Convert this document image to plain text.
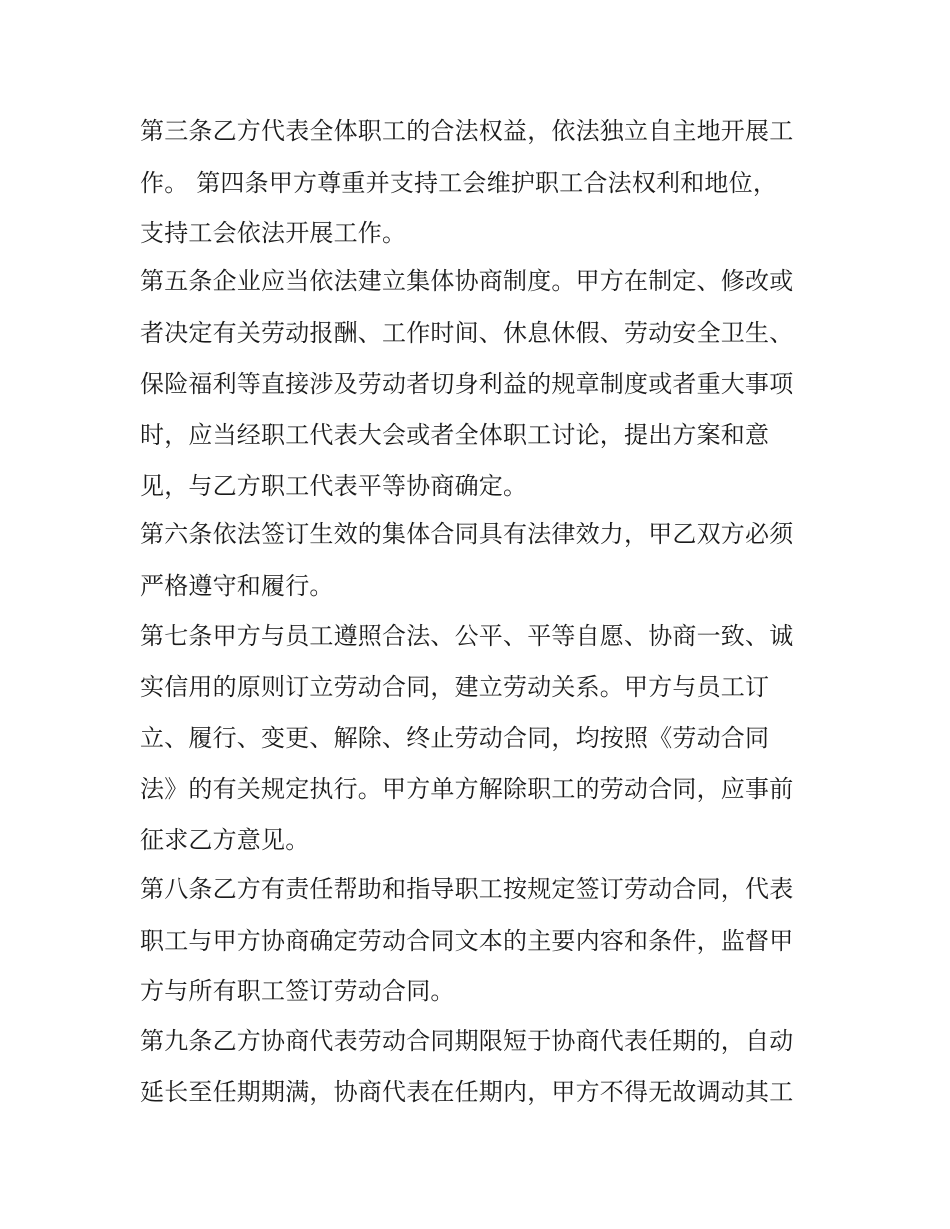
第三条乙方代表全体职工的合法权益，依法独立自主地开展工
作。 第四条甲方尊重并支持工会维护职工合法权利和地位，
支持工会依法开展工作。
第五条企业应当依法建立集体协商制度。甲方在制定、修改或
者决定有关劳动报酬、工作时间、休息休假、劳动安全卫生、
保险福利等直接涉及劳动者切身利益的规章制度或者重大事项
时，应当经职工代表大会或者全体职工讨论，提出方案和意
见，与乙方职工代表平等协商确定。
第六条依法签订生效的集体合同具有法律效力，甲乙双方必须
严格遵守和履行。
第七条甲方与员工遵照合法、公平、平等自愿、协商一致、诚
实信用的原则订立劳动合同，建立劳动关系。甲方与员工订
立、履行、变更、解除、终止劳动合同，均按照《劳动合同
法》的有关规定执行。甲方单方解除职工的劳动合同，应事前
征求乙方意见。
第八条乙方有责任帮助和指导职工按规定签订劳动合同，代表
职工与甲方协商确定劳动合同文本的主要内容和条件，监督甲
方与所有职工签订劳动合同。
第九条乙方协商代表劳动合同期限短于协商代表任期的，自动
延长至任期期满，协商代表在任期内，甲方不得无故调动其工
